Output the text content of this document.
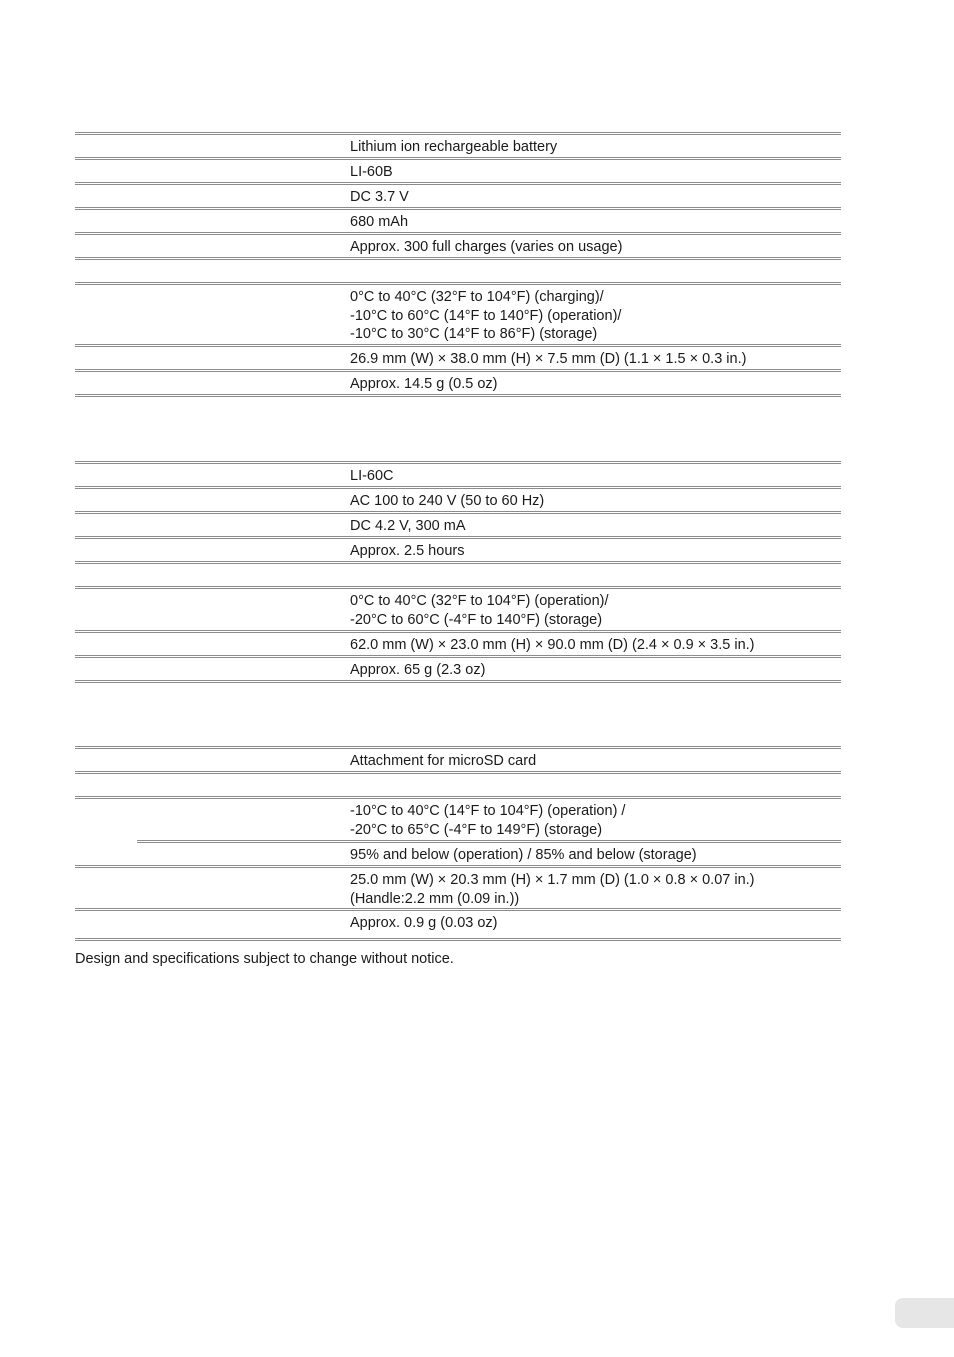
Lithium ion rechargeable battery
LI-60B
DC 3.7 V
680 mAh
Approx. 300 full charges (varies on usage)
0°C to 40°C (32°F to 104°F) (charging)/
-10°C to 60°C (14°F to 140°F) (operation)/
-10°C to 30°C (14°F to 86°F) (storage)
26.9 mm (W) × 38.0 mm (H) × 7.5 mm (D) (1.1 × 1.5 × 0.3 in.)
Approx. 14.5 g (0.5 oz)
LI-60C
AC 100 to 240 V (50 to 60 Hz)
DC 4.2 V, 300 mA
Approx. 2.5 hours
0°C to 40°C (32°F to 104°F) (operation)/
-20°C to 60°C (-4°F to 140°F) (storage)
62.0 mm (W) × 23.0 mm (H) × 90.0 mm (D) (2.4 × 0.9 × 3.5 in.)
Approx. 65 g (2.3 oz)
Attachment for microSD card
-10°C to 40°C (14°F to 104°F) (operation) /
-20°C to 65°C (-4°F to 149°F) (storage)
95% and below (operation) / 85% and below (storage)
25.0 mm (W) × 20.3 mm (H) × 1.7 mm (D) (1.0 × 0.8 × 0.07 in.)
(Handle:2.2 mm (0.09 in.))
Approx. 0.9 g (0.03 oz)
Design and specifications subject to change without notice.
